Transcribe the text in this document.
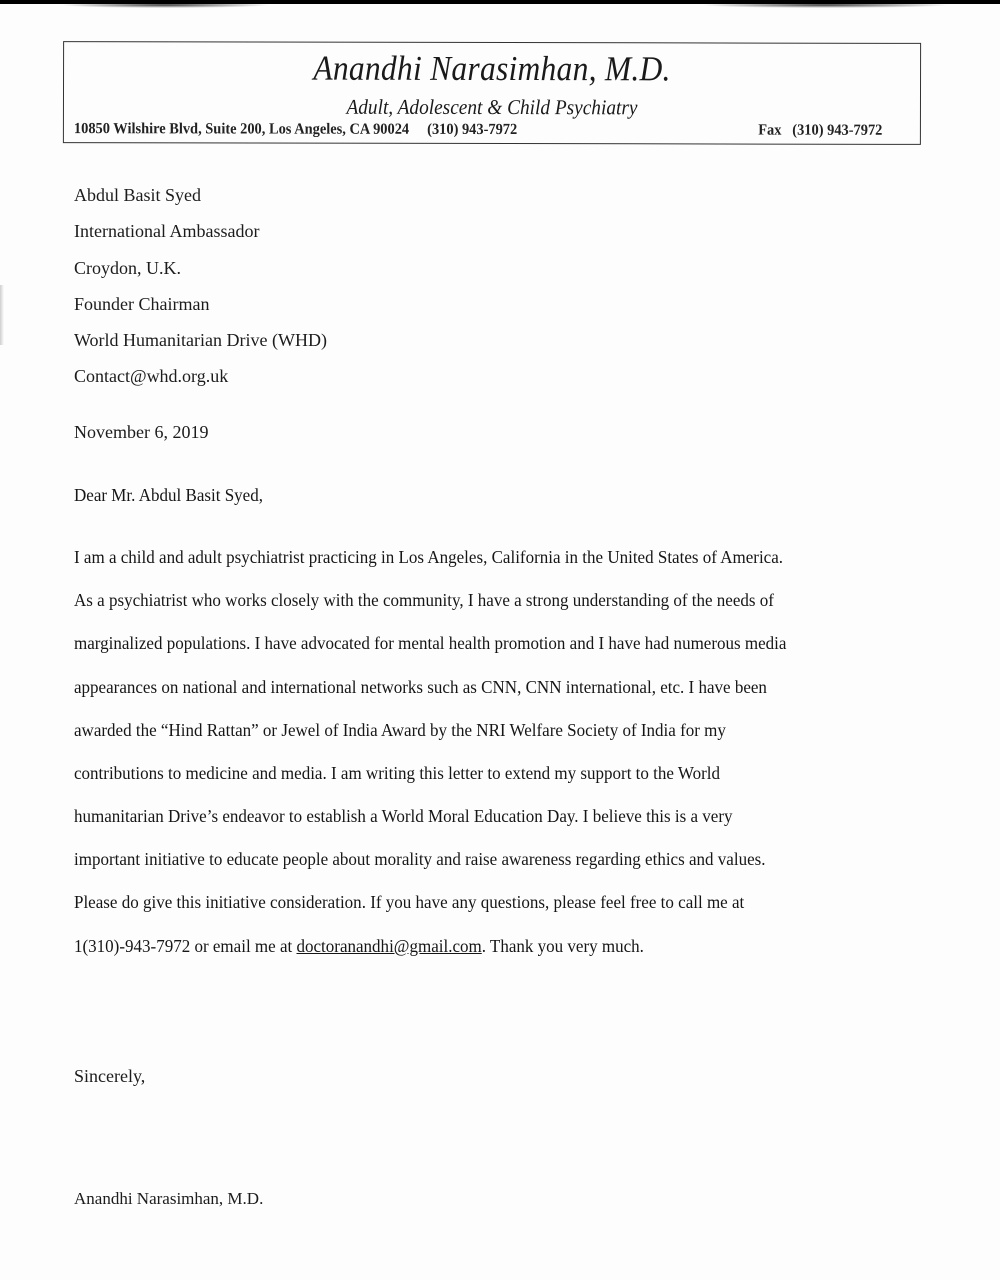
Anandhi Narasimhan, M.D.
Adult, Adolescent & Child Psychiatry
10850 Wilshire Blvd, Suite 200, Los Angeles, CA 90024 (310) 943-7972	Fax (310) 943-7972
Abdul Basit Syed
International Ambassador
Croydon, U.K.
Founder Chairman
World Humanitarian Drive (WHD)
Contact@whd.org.uk
November 6, 2019
Dear Mr. Abdul Basit Syed,
I am a child and adult psychiatrist practicing in Los Angeles, California in the United States of America.
As a psychiatrist who works closely with the community, I have a strong understanding of the needs of
marginalized populations. I have advocated for mental health promotion and I have had numerous media
appearances on national and international networks such as CNN, CNN international, etc. I have been
awarded the “Hind Rattan” or Jewel of India Award by the NRI Welfare Society of India for my
contributions to medicine and media. I am writing this letter to extend my support to the World
humanitarian Drive’s endeavor to establish a World Moral Education Day. I believe this is a very
important initiative to educate people about morality and raise awareness regarding ethics and values.
Please do give this initiative consideration. If you have any questions, please feel free to call me at
1(310)-943-7972 or email me at doctoranandhi@gmail.com. Thank you very much.
Sincerely,
Anandhi Narasimhan, M.D.
